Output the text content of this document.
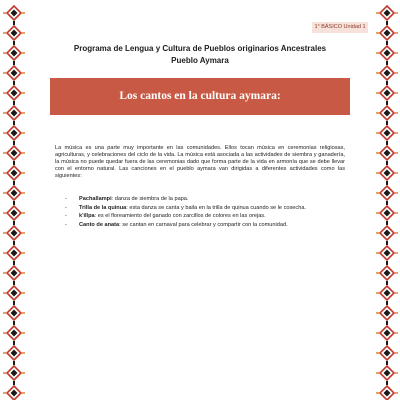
1° BÁSICO Unidad 1
Programa de Lengua y Cultura de Pueblos originarios Ancestrales
Pueblo Aymara
Los cantos en la cultura aymara:

La música es una parte muy importante en las comunidades. Ellos tocan música en ceremonias religiosas, agriculturas, y celebraciones del ciclo de la vida. La música está asociada a las actividades de siembra y ganadería, la música no puede quedar fuera de las ceremonias dado que forma parte de la vida en armonía que se debe llevar con el entorno natural. Las canciones en el pueblo aymara van dirigidas a diferentes actividades como las siguientes:

- Pachallampi: danza de siembra de la papa.
- Trilla de la quinua: esta danza se canta y baila en la trilla de quinua cuando se le cosecha.
- k'illpa: es el floreamiento del ganado con zarcillos de colores en las orejas.
- Canto de anata: se cantan en carnaval para celebrar y compartir con la comunidad.
